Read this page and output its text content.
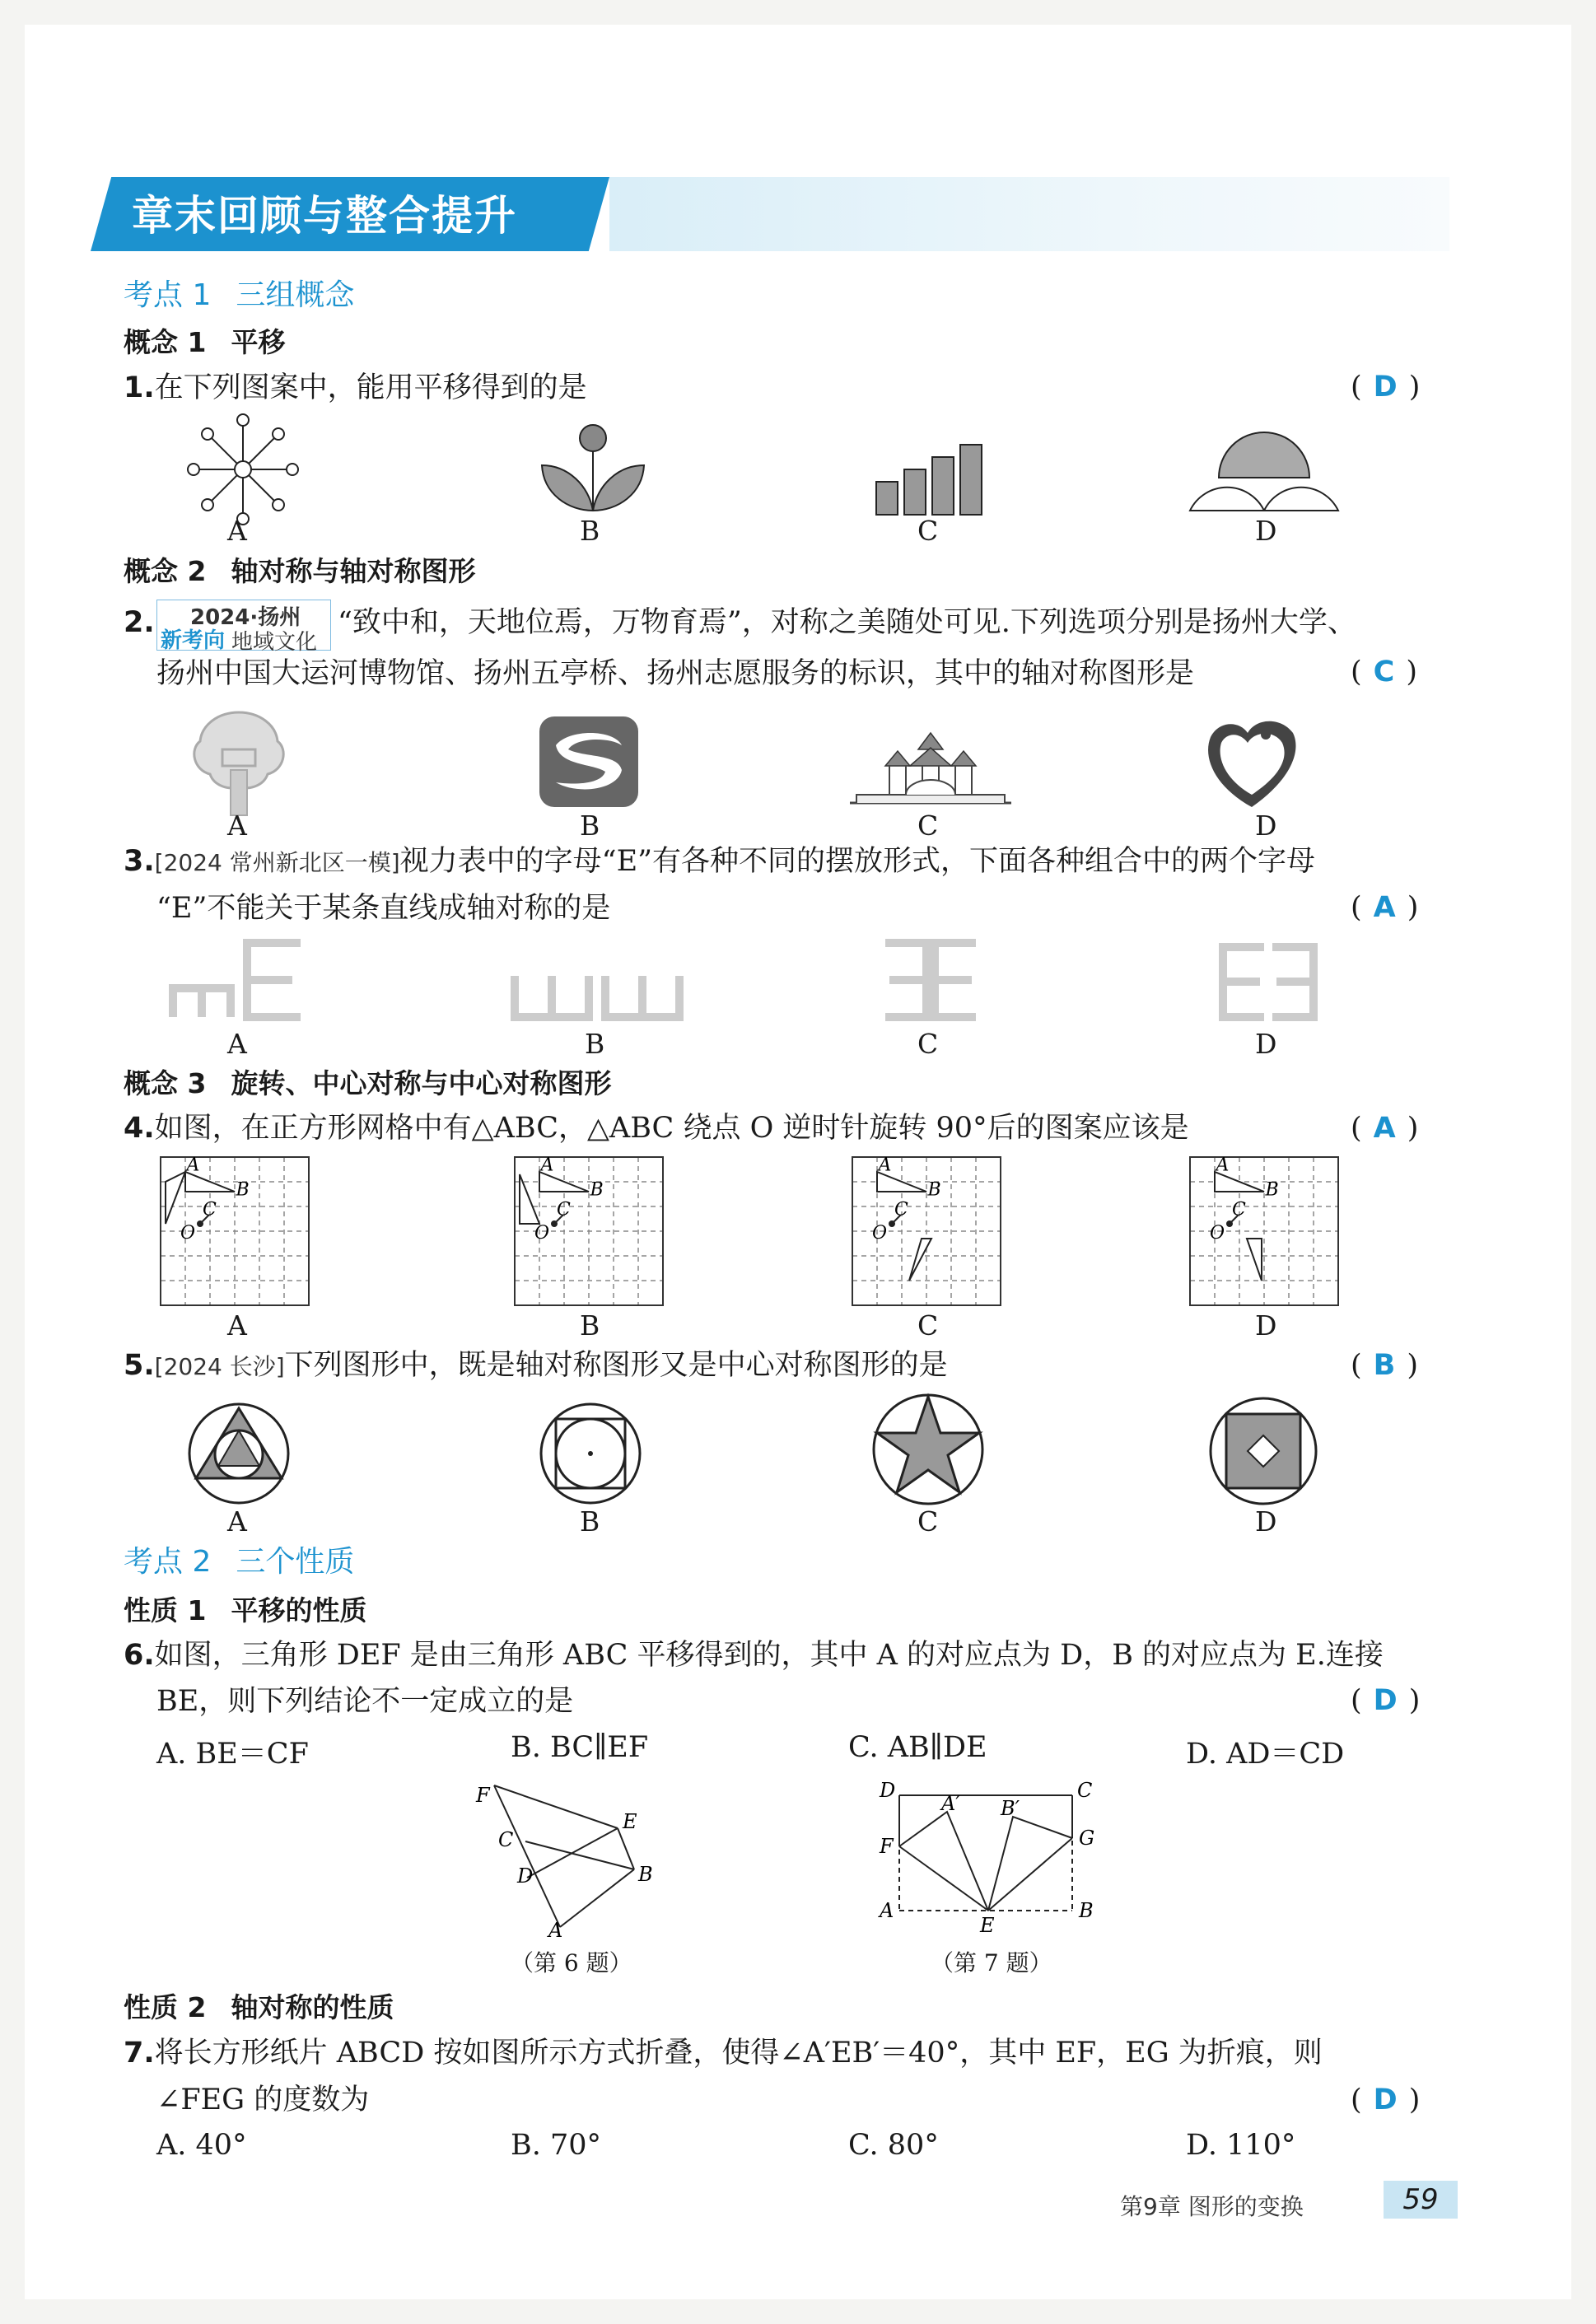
章末回顾与整合提升
考点 1 三组概念
概念 1 平移
1.在下列图案中，能用平移得到的是	( D )
A	B	C	D
概念 2 轴对称与轴对称图形
2. 2024·扬州
新考向 地域文化
“致中和，天地位焉，万物育焉”，对称之美随处可见.下列选项分别是扬州大学、
扬州中国大运河博物馆、扬州五亭桥、扬州志愿服务的标识，其中的轴对称图形是	( C )
A	B	C	D
3.[2024 常州新北区一模]视力表中的字母“E”有各种不同的摆放形式，下面各种组合中的两个字母
“E”不能关于某条直线成轴对称的是	( A )
A	B	C	D
概念 3 旋转、中心对称与中心对称图形
4.如图，在正方形网格中有△ABC，△ABC 绕点 O 逆时针旋转 90°后的图案应该是	( A )
A
B
C
O
A
B
C
O
A
B
C
O
A
B
C
O
A	B	C	D
5.[2024 长沙]下列图形中，既是轴对称图形又是中心对称图形的是	( B )
A	B	C	D
考点 2 三个性质
性质 1 平移的性质
6.如图，三角形 DEF 是由三角形 ABC 平移得到的，其中 A 的对应点为 D，B 的对应点为 E.连接
BE，则下列结论不一定成立的是	( D )
A. BE＝CF	B. BC∥EF	C. AB∥DE	D. AD＝CD
F
C
E
D	B
A
（第 6 题）
D	C
A′ B′
F	G
A
E
B
（第 7 题）
性质 2 轴对称的性质
7.将长方形纸片 ABCD 按如图所示方式折叠，使得∠A′EB′＝40°，其中 EF，EG 为折痕，则
∠FEG 的度数为	( D )
A. 40°	B. 70°	C. 80°	D. 110°
第9章 图形的变换	59
